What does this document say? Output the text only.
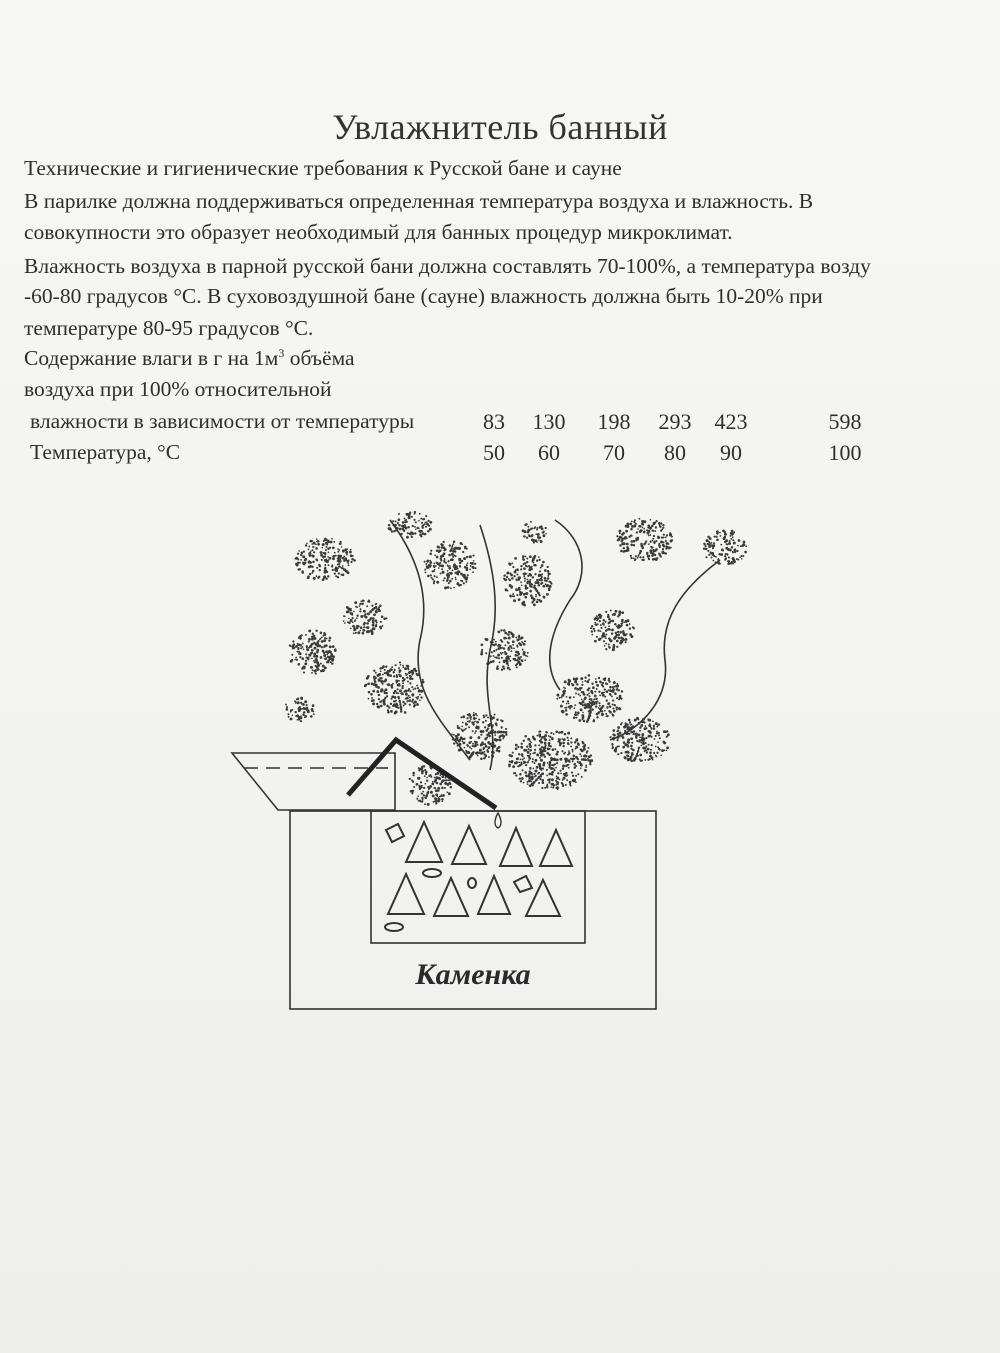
Увлажнитель банный
Технические и гигиенические требования к Русской бане и сауне
В парилке должна поддерживаться определенная температура воздуха и влажность. В
совокупности это образует необходимый для банных процедур микроклимат.
Влажность воздуха в парной русской бани должна составлять 70-100%, а температура возду
-60-80 градусов °С. В суховоздушной бане (сауне) влажность должна быть 10-20% при
температуре 80-95 градусов °С.
Содержание влаги в г на $1м^3$ объёма
воздуха при 100% относительной
влажности в зависимости от температуры
Температура, °С
83 130 198 293 423	598
50 60 70 80 90	100
Каменка
